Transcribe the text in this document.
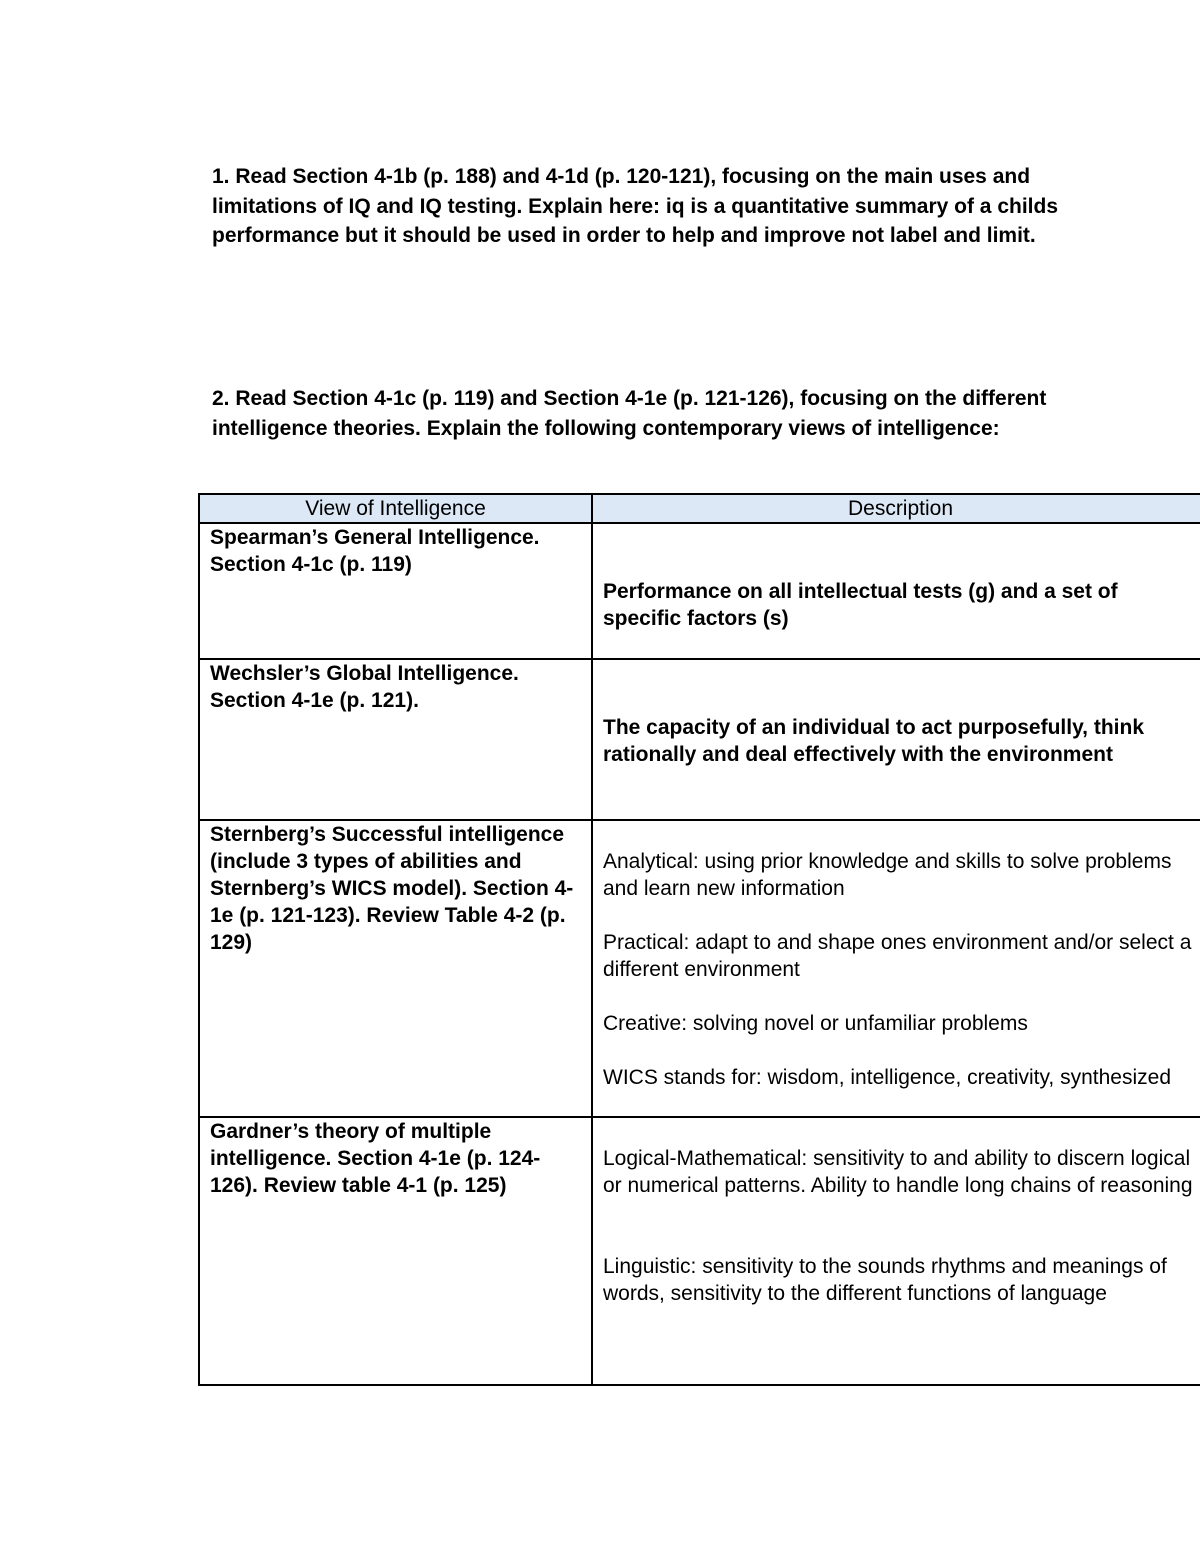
1. Read Section 4-1b (p. 188) and 4-1d (p. 120-121), focusing on the main uses and limitations of IQ and IQ testing. Explain here: iq is a quantitative summary of a childs performance but it should be used in order to help and improve not label and limit.

2. Read Section 4-1c (p. 119) and Section 4-1e (p. 121-126), focusing on the different intelligence theories. Explain the following contemporary views of intelligence:

View of Intelligence	Description
Spearman’s General Intelligence. Section 4-1c (p. 119)	Performance on all intellectual tests (g) and a set of specific factors (s)

Wechsler’s Global Intelligence. Section 4-1e (p. 121).	The capacity of an individual to act purposefully, think rationally and deal effectively with the environment

Sternberg’s Successful intelligence (include 3 types of abilities and Sternberg’s WICS model). Section 4-1e (p. 121-123). Review Table 4-2 (p. 129)	Analytical: using prior knowledge and skills to solve problems and learn new information

Practical: adapt to and shape ones environment and/or select a different environment

Creative: solving novel or unfamiliar problems

WICS stands for: wisdom, intelligence, creativity, synthesized

Gardner’s theory of multiple intelligence. Section 4-1e (p. 124-126). Review table 4-1 (p. 125)	Logical-Mathematical: sensitivity to and ability to discern logical or numerical patterns. Ability to handle long chains of reasoning

Linguistic: sensitivity to the sounds rhythms and meanings of words, sensitivity to the different functions of language
